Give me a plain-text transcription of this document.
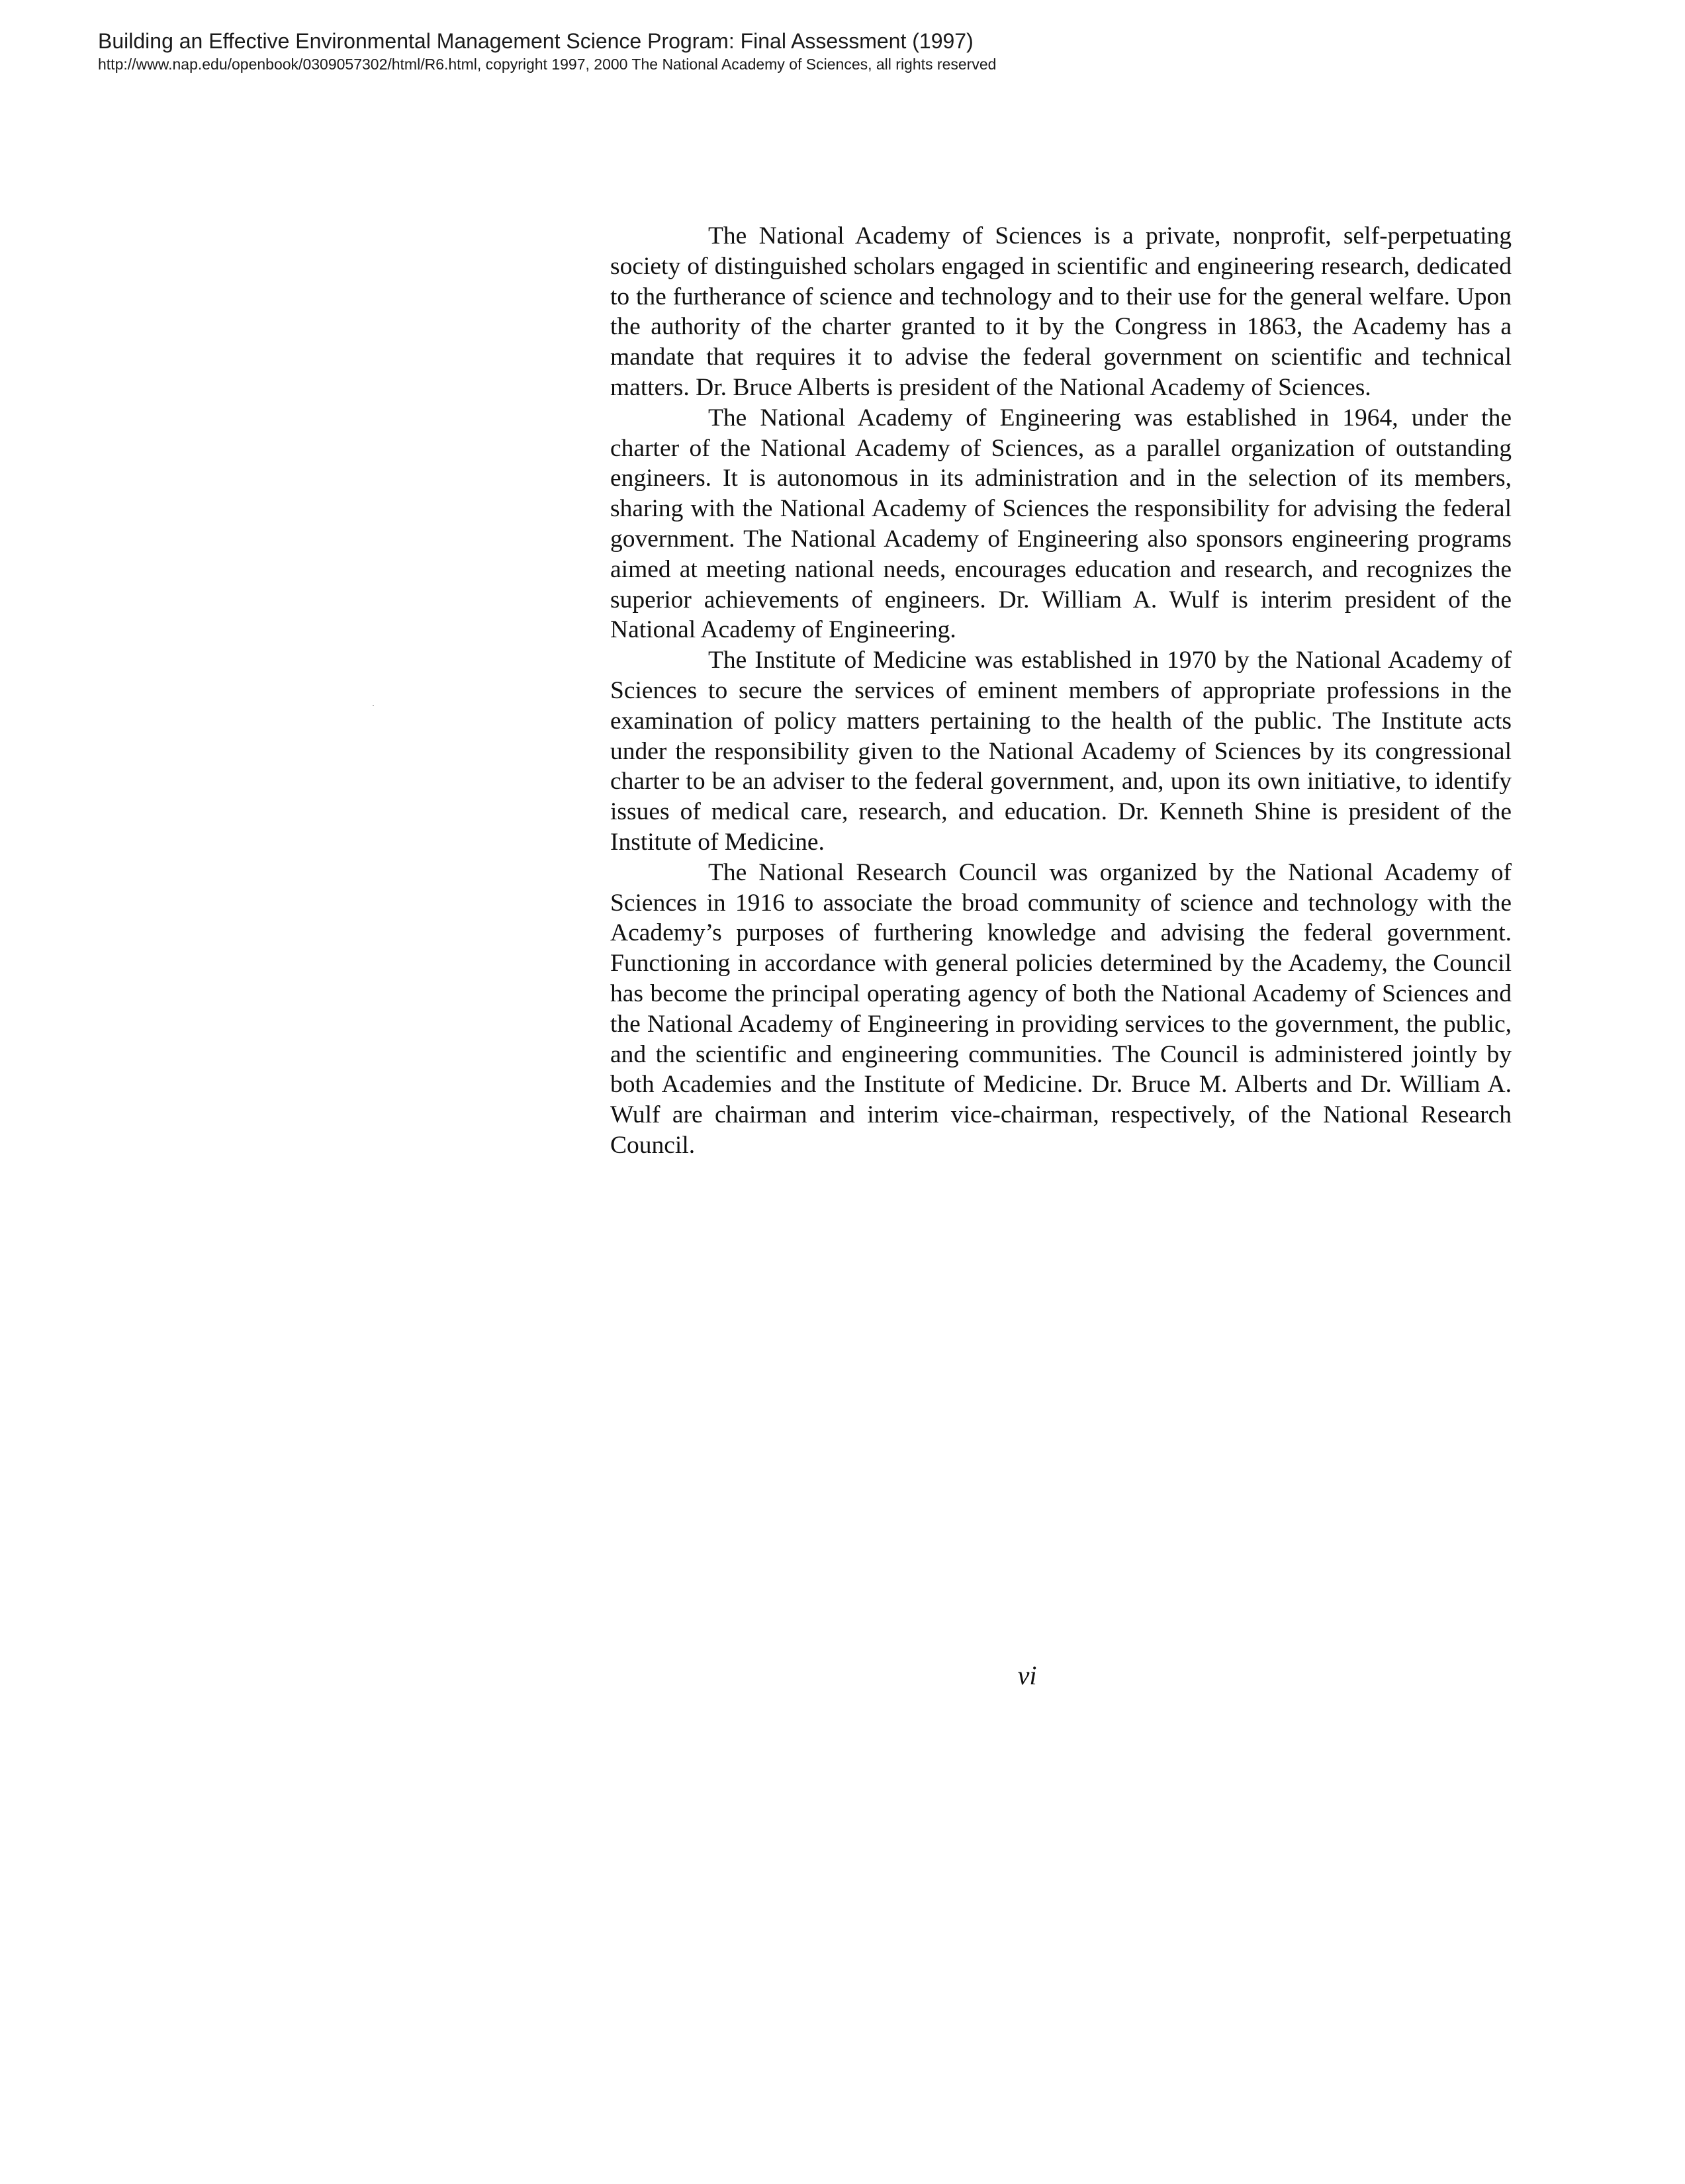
Building an Effective Environmental Management Science Program: Final Assessment (1997)
http://www.nap.edu/openbook/0309057302/html/R6.html, copyright 1997, 2000 The National Academy of Sciences, all rights reserved

The National Academy of Sciences is a private, nonprofit, self-perpetuating society of distinguished scholars engaged in scientific and engineering research, dedicated to the furtherance of science and technology and to their use for the general welfare. Upon the authority of the charter granted to it by the Congress in 1863, the Academy has a mandate that requires it to advise the federal government on scientific and technical matters. Dr. Bruce Alberts is president of the National Academy of Sciences.

The National Academy of Engineering was established in 1964, under the charter of the National Academy of Sciences, as a parallel organization of outstanding engineers. It is autonomous in its administration and in the selection of its members, sharing with the National Academy of Sciences the responsibility for advising the federal government. The National Academy of Engineering also sponsors engineering programs aimed at meeting national needs, encourages education and research, and recognizes the superior achievements of engineers. Dr. William A. Wulf is interim president of the National Academy of Engineering.

The Institute of Medicine was established in 1970 by the National Academy of Sciences to secure the services of eminent members of appropriate professions in the examination of policy matters pertaining to the health of the public. The Institute acts under the responsibility given to the National Academy of Sciences by its congressional charter to be an adviser to the federal government, and, upon its own initiative, to identify issues of medical care, research, and education. Dr. Kenneth Shine is president of the Institute of Medicine.

The National Research Council was organized by the National Academy of Sciences in 1916 to associate the broad community of science and technology with the Academy’s purposes of furthering knowledge and advising the federal government. Functioning in accordance with general policies determined by the Academy, the Council has become the principal operating agency of both the National Academy of Sciences and the National Academy of Engineering in providing services to the government, the public, and the scientific and engineering communities. The Council is administered jointly by both Academies and the Institute of Medicine. Dr. Bruce M. Alberts and Dr. William A. Wulf are chairman and interim vice-chairman, respectively, of the National Research Council.

vi
